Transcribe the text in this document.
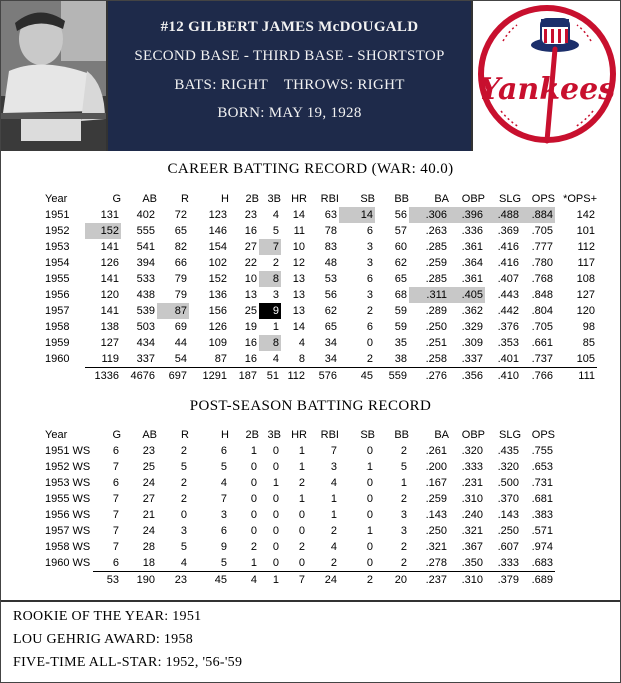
#12 GILBERT JAMES McDOUGALD
SECOND BASE - THIRD BASE - SHORTSTOP
BATS: RIGHT    THROWS: RIGHT
BORN: MAY 19, 1928
Yankees
CAREER BATTING RECORD (WAR: 40.0)
Year	G	AB	R	H	2B	3B	HR	RBI	SB	BB	BA	OBP	SLG	OPS	*OPS+
1951	131	402	72	123	23	4	14	63	14	56	.306	.396	.488	.884	142
1952	152	555	65	146	16	5	11	78	6	57	.263	.336	.369	.705	101
1953	141	541	82	154	27	7	10	83	3	60	.285	.361	.416	.777	112
1954	126	394	66	102	22	2	12	48	3	62	.259	.364	.416	.780	117
1955	141	533	79	152	10	8	13	53	6	65	.285	.361	.407	.768	108
1956	120	438	79	136	13	3	13	56	3	68	.311	.405	.443	.848	127
1957	141	539	87	156	25	9	13	62	2	59	.289	.362	.442	.804	120
1958	138	503	69	126	19	1	14	65	6	59	.250	.329	.376	.705	98
1959	127	434	44	109	16	8	4	34	0	35	.251	.309	.353	.661	85
1960	119	337	54	87	16	4	8	34	2	38	.258	.337	.401	.737	105
	1336	4676	697	1291	187	51	112	576	45	559	.276	.356	.410	.766	111
POST-SEASON BATTING RECORD
Year	G	AB	R	H	2B	3B	HR	RBI	SB	BB	BA	OBP	SLG	OPS
1951 WS	6	23	2	6	1	0	1	7	0	2	.261	.320	.435	.755
1952 WS	7	25	5	5	0	0	1	3	1	5	.200	.333	.320	.653
1953 WS	6	24	2	4	0	1	2	4	0	1	.167	.231	.500	.731
1955 WS	7	27	2	7	0	0	1	1	0	2	.259	.310	.370	.681
1956 WS	7	21	0	3	0	0	0	1	0	3	.143	.240	.143	.383
1957 WS	7	24	3	6	0	0	0	2	1	3	.250	.321	.250	.571
1958 WS	7	28	5	9	2	0	2	4	0	2	.321	.367	.607	.974
1960 WS	6	18	4	5	1	0	0	2	0	2	.278	.350	.333	.683
	53	190	23	45	4	1	7	24	2	20	.237	.310	.379	.689
ROOKIE OF THE YEAR: 1951
LOU GEHRIG AWARD: 1958
FIVE-TIME ALL-STAR: 1952, '56-'59
